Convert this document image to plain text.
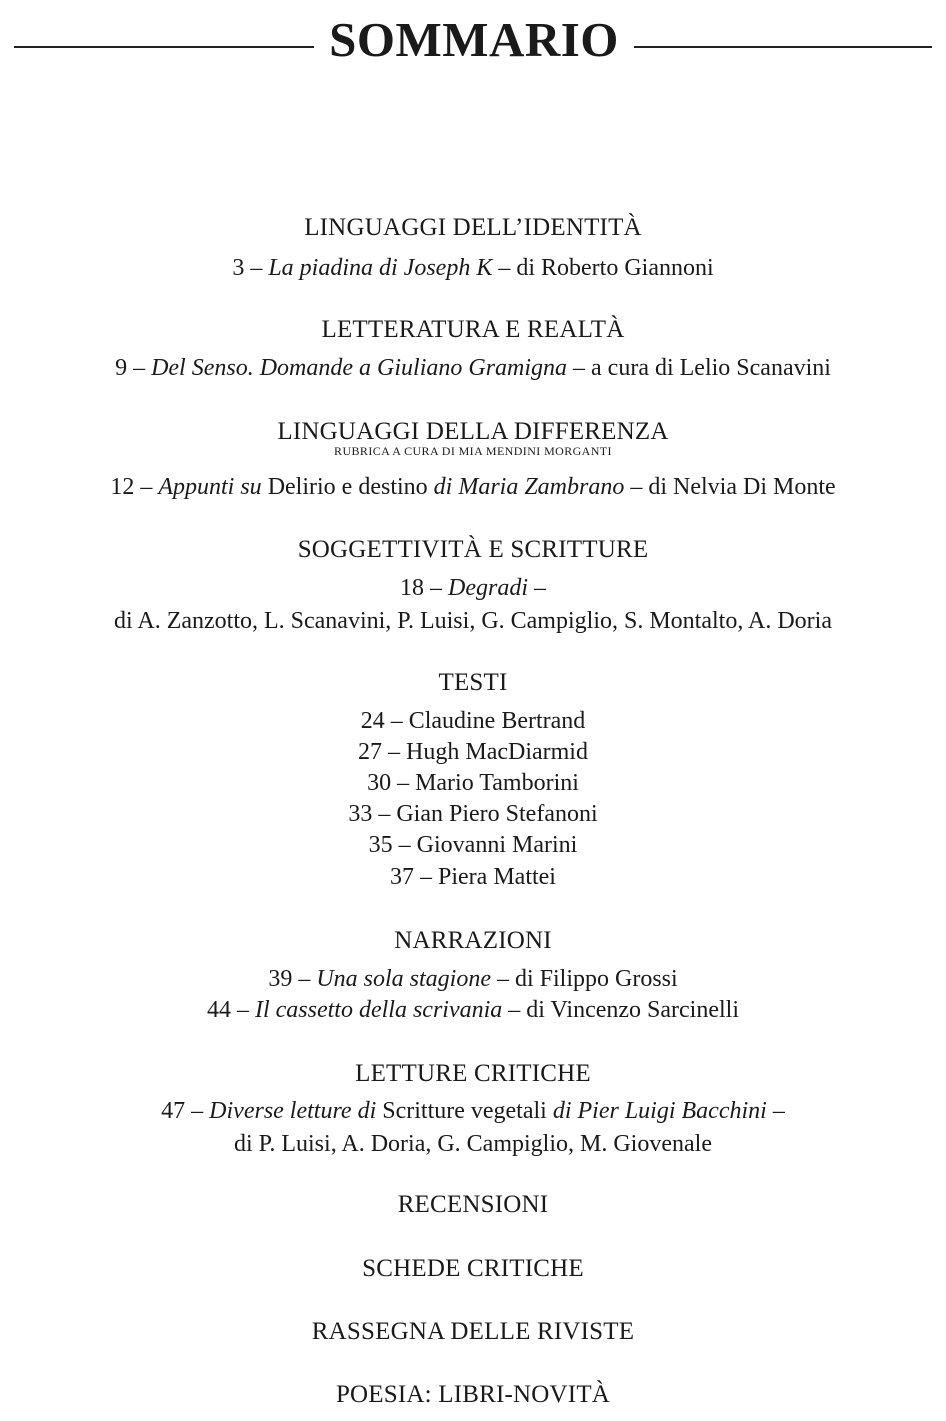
SOMMARIO
LINGUAGGI DELL’IDENTITÀ
3 – La piadina di Joseph K – di Roberto Giannoni
LETTERATURA E REALTÀ
9 – Del Senso. Domande a Giuliano Gramigna – a cura di Lelio Scanavini
LINGUAGGI DELLA DIFFERENZA
RUBRICA A CURA DI MIA MENDINI MORGANTI
12 – Appunti su Delirio e destino di Maria Zambrano – di Nelvia Di Monte
SOGGETTIVITÀ E SCRITTURE
18 – Degradi –
di A. Zanzotto, L. Scanavini, P. Luisi, G. Campiglio, S. Montalto, A. Doria
TESTI
24 – Claudine Bertrand
27 – Hugh MacDiarmid
30 – Mario Tamborini
33 – Gian Piero Stefanoni
35 – Giovanni Marini
37 – Piera Mattei
NARRAZIONI
39 – Una sola stagione – di Filippo Grossi
44 – Il cassetto della scrivania – di Vincenzo Sarcinelli
LETTURE CRITICHE
47 – Diverse letture di Scritture vegetali di Pier Luigi Bacchini –
di P. Luisi, A. Doria, G. Campiglio, M. Giovenale
RECENSIONI
SCHEDE CRITICHE
RASSEGNA DELLE RIVISTE
POESIA: LIBRI-NOVITÀ
